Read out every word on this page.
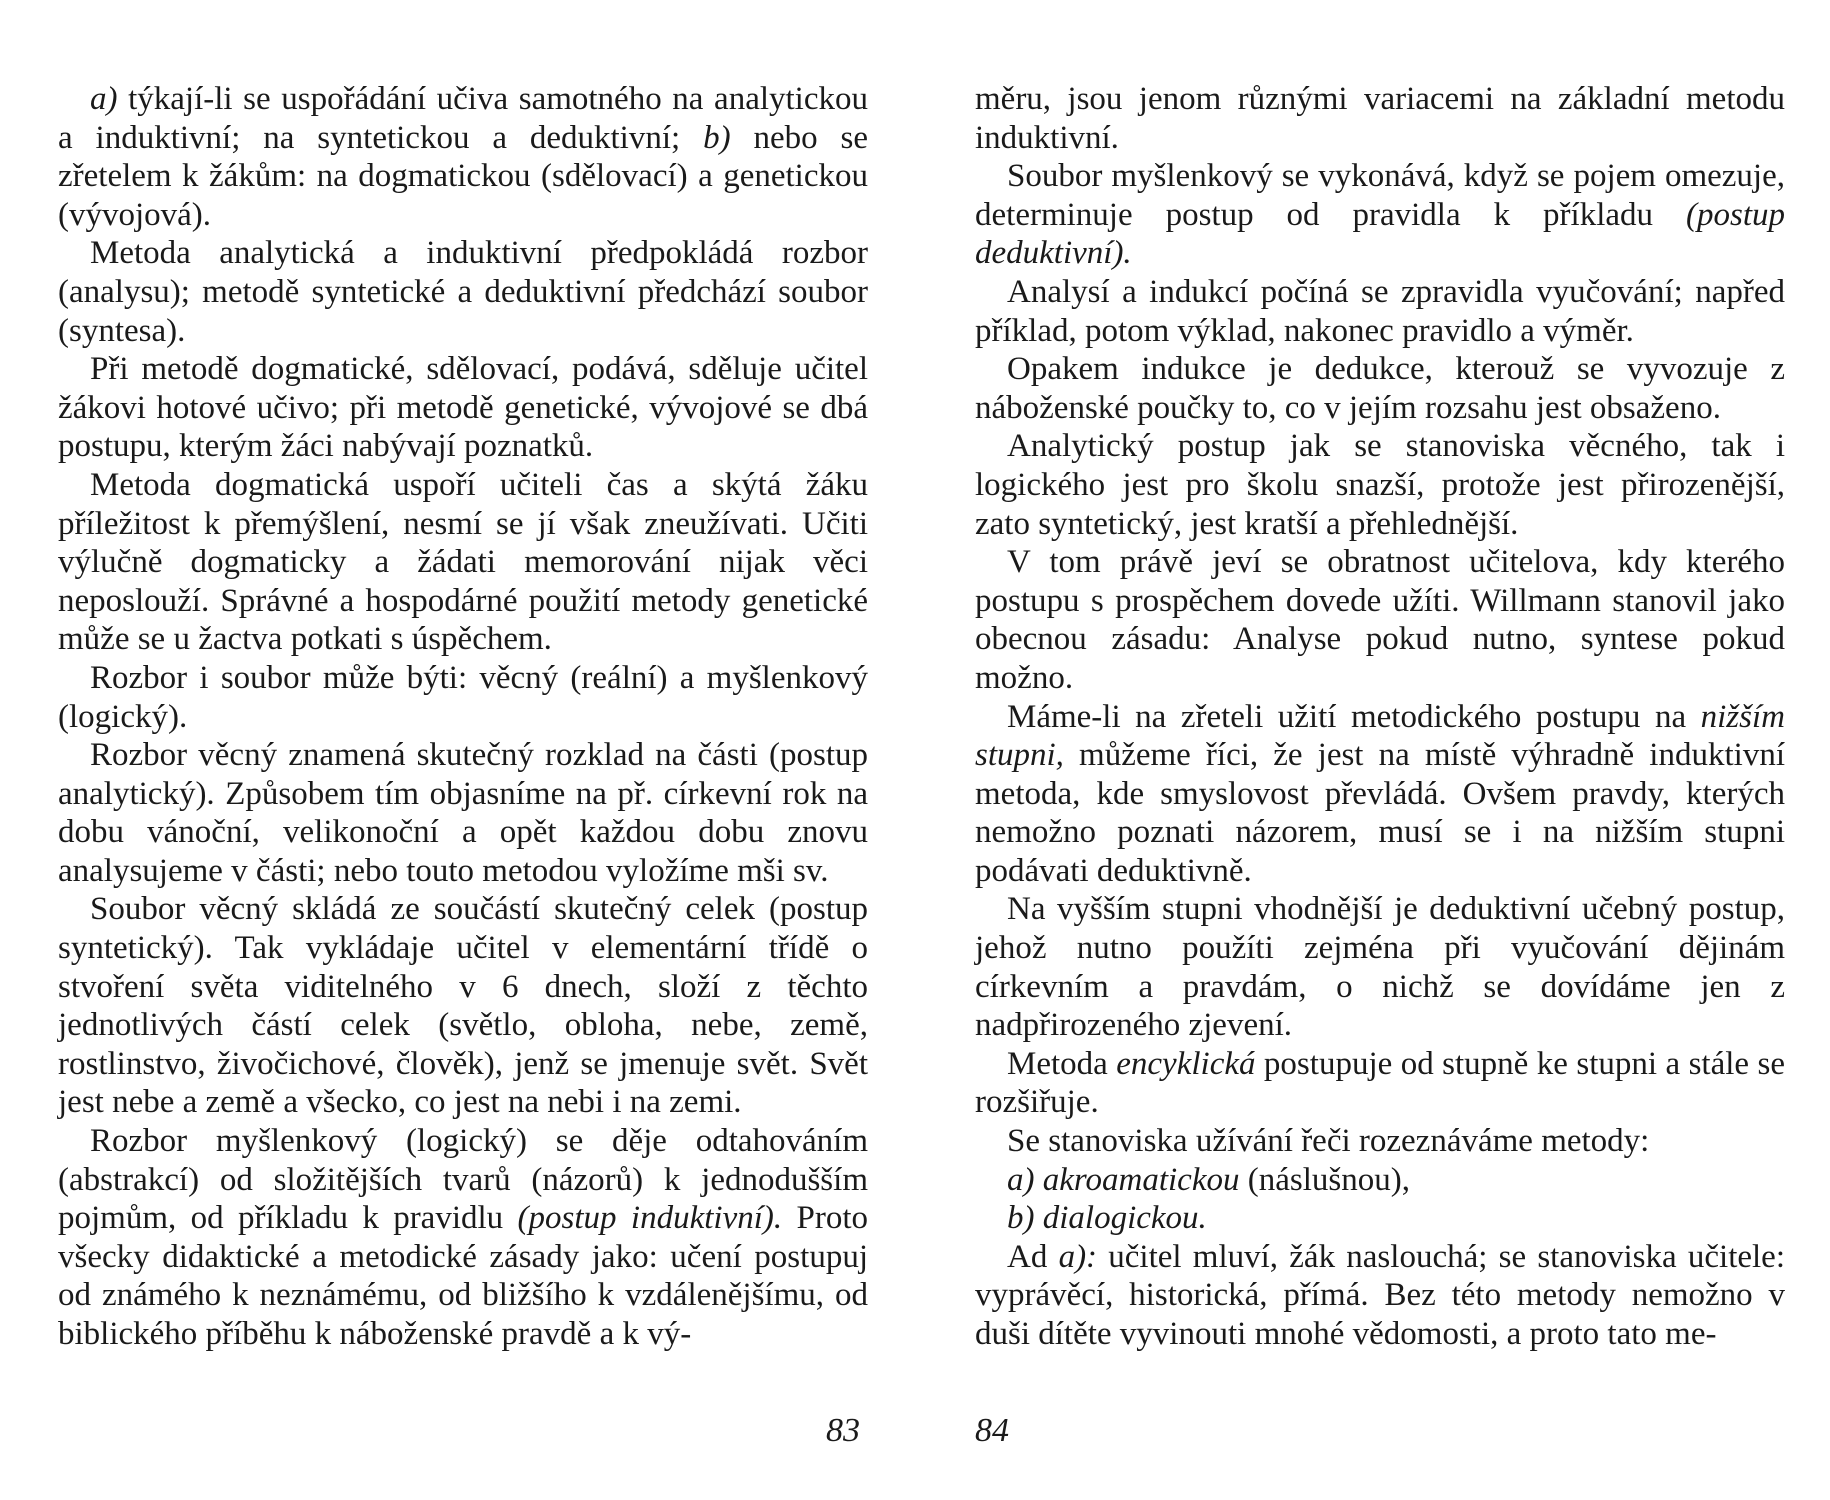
a) týkají-li se uspořádání učiva samotného na analytickou a induktivní; na syntetickou a deduktivní; b) nebo se zřetelem k žákům: na dogmatickou (sdělovací) a genetickou (vývojová).

Metoda analytická a induktivní předpokládá rozbor (analysu); metodě syntetické a deduktivní předchází soubor (syntesa).

Při metodě dogmatické, sdělovací, podává, sděluje učitel žákovi hotové učivo; při metodě genetické, vývojové se dbá postupu, kterým žáci nabývají poznatků.

Metoda dogmatická uspoří učiteli čas a skýtá žáku příležitost k přemýšlení, nesmí se jí však zneužívati. Učiti výlučně dogmaticky a žádati memorování nijak věci neposlouží. Správné a hospodárné použití metody genetické může se u žactva potkati s úspěchem.

Rozbor i soubor může býti: věcný (reální) a myšlenkový (logický).

Rozbor věcný znamená skutečný rozklad na části (postup analytický). Způsobem tím objasníme na př. církevní rok na dobu vánoční, velikonoční a opět každou dobu znovu analysujeme v části; nebo touto metodou vyložíme mši sv.

Soubor věcný skládá ze součástí skutečný celek (postup syntetický). Tak vykládaje učitel v elementární třídě o stvoření světa viditelného v 6 dnech, složí z těchto jednotlivých částí celek (světlo, obloha, nebe, země, rostlinstvo, živočichové, člověk), jenž se jmenuje svět. Svět jest nebe a země a všecko, co jest na nebi i na zemi.

Rozbor myšlenkový (logický) se děje odtahováním (abstrakcí) od složitějších tvarů (názorů) k jednodušším pojmům, od příkladu k pravidlu (postup induktivní). Proto všecky didaktické a metodické zásady jako: učení postupuj od známého k neznámému, od bližšího k vzdálenějšímu, od biblického příběhu k náboženské pravdě a k vý-

měru, jsou jenom různými variacemi na základní metodu induktivní.

Soubor myšlenkový se vykonává, když se pojem omezuje, determinuje postup od pravidla k příkladu (postup deduktivní).

Analysí a indukcí počíná se zpravidla vyučování; napřed příklad, potom výklad, nakonec pravidlo a výměr.

Opakem indukce je dedukce, kterouž se vyvozuje z náboženské poučky to, co v jejím rozsahu jest obsaženo.

Analytický postup jak se stanoviska věcného, tak i logického jest pro školu snazší, protože jest přirozenější, zato syntetický, jest kratší a přehlednější.

V tom právě jeví se obratnost učitelova, kdy kterého postupu s prospěchem dovede užíti. Willmann stanovil jako obecnou zásadu: Analyse pokud nutno, syntese pokud možno.

Máme-li na zřeteli užití metodického postupu na nižším stupni, můžeme říci, že jest na místě výhradně induktivní metoda, kde smyslovost převládá. Ovšem pravdy, kterých nemožno poznati názorem, musí se i na nižším stupni podávati deduktivně.

Na vyšším stupni vhodnější je deduktivní učebný postup, jehož nutno použíti zejména při vyučování dějinám církevním a pravdám, o nichž se dovídáme jen z nadpřirozeného zjevení.

Metoda encyklická postupuje od stupně ke stupni a stále se rozšiřuje.

Se stanoviska užívání řeči rozeznáváme metody:

a) akroamatickou (náslušnou),

b) dialogickou.

Ad a): učitel mluví, žák naslouchá; se stanoviska učitele: vyprávěcí, historická, přímá. Bez této metody nemožno v duši dítěte vyvinouti mnohé vědomosti, a proto tato me-

83	84
